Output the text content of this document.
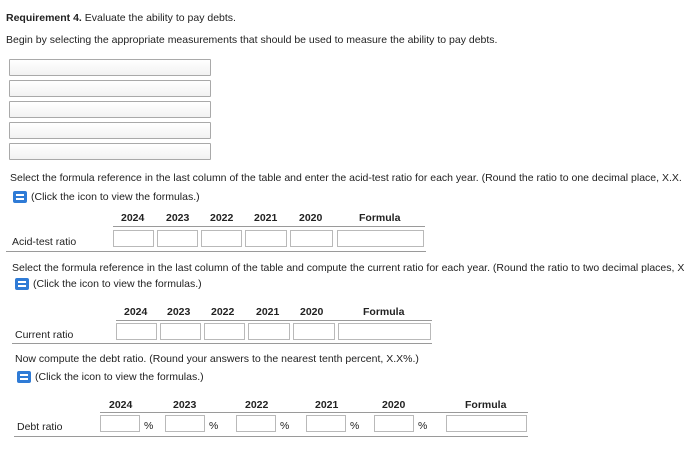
Requirement 4. Evaluate the ability to pay debts.
Begin by selecting the appropriate measurements that should be used to measure the ability to pay debts.
Select the formula reference in the last column of the table and enter the acid-test ratio for each year. (Round the ratio to one decimal place, X.X.
(Click the icon to view the formulas.)
2024 2023 2022 2021 2020	Formula
Acid-test ratio
Select the formula reference in the last column of the table and compute the current ratio for each year. (Round the ratio to two decimal places, X
(Click the icon to view the formulas.)
2024 2023 2022 2021 2020	Formula
Current ratio
Now compute the debt ratio. (Round your answers to the nearest tenth percent, X.X%.)
(Click the icon to view the formulas.)
2024	2023	2022	2021	2020	Formula
Debt ratio	%	%	%	%	%
